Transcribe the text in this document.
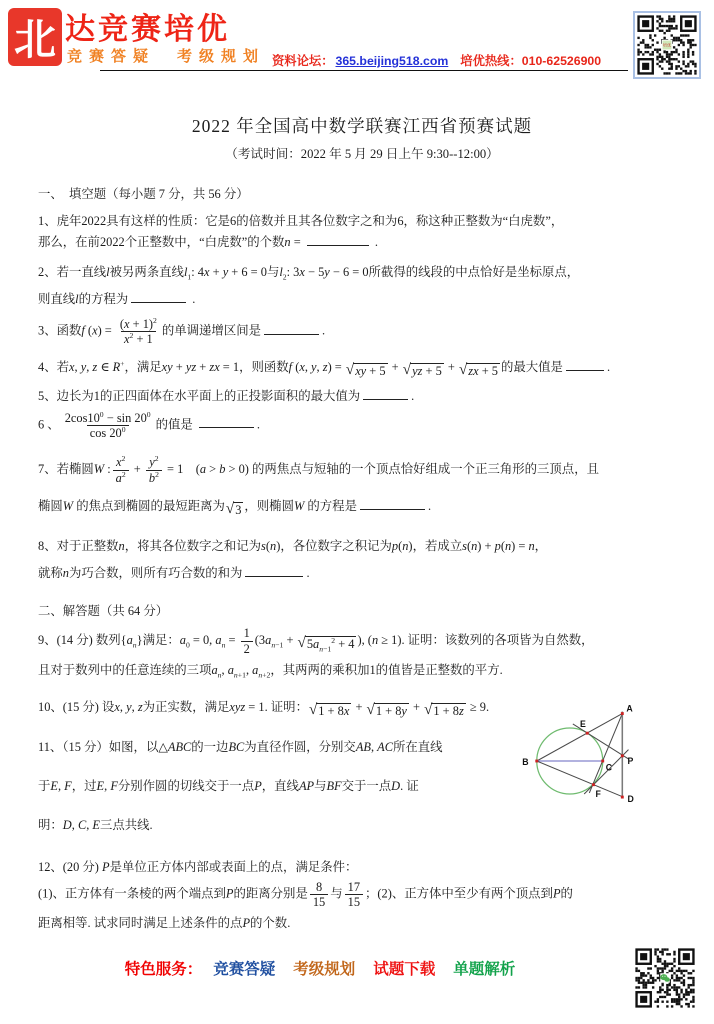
北 达竞赛培优
竞赛答疑　考级规划 资料论坛： 365.beijing518.com 培优热线：010-62526900
培优
2022 年全国高中数学联赛江西省预赛试题
（考试时间：2022 年 5 月 29 日上午 9:30--12:00）
一、　填空题（每小题 7 分，共 56 分）
1、虎年2022具有这样的性质：它是6的倍数并且其各位数字之和为6，称这种正整数为“白虎数”，
那么，在前2022个正整数中，“白虎数”的个数n =	.
2、若一直线l被另两条直线$l_1$: 4x + y + 6 = 0与$l_2$: 3x − 5y − 6 = 0所截得的线段的中点恰好是坐标原点，
则直线l的方程为	.
3、函数f $(x) = \frac{(x + 1)^2}{x^2 + 1}$ 的单调递增区间是	.
4、若x, y, z ∈ R+，满足xy + yz + zx = 1，则函数f (x, y, z) = √ xy + 5 + √ yz + 5 + √ zx + 5 的最大值是	.
5、边长为1的正四面体在水平面上的正投影面积的最大值为	.
6 、 $\frac{2\cos 10^0 - \sin 20^0}{\cos 20^0}$ 的值是	.
7、若椭圆W : $\frac{x^2}{a^2} + \frac{y^2}{b^2} = 1$　(a > b > 0) 的两焦点与短轴的一个顶点恰好组成一个正三角形的三顶点，且
椭圆W 的焦点到椭圆的最短距离为 √ 3 ，则椭圆W 的方程是	.
8、对于正整数n，将其各位数字之和记为s(n)，各位数字之积记为p(n)，若成立s(n) + p(n) = n，
就称n为巧合数，则所有巧合数的和为	.
二、解答题（共 64 分）
9、(14 分) 数列$\{a_n\}$满足：$a_0 = 0$, $a_n = \frac{1}{2} (3a_{n-1}$ + √ $5a_{n-1}^2 + 4$ ), (n ≥ 1). 证明：该数列的各项皆为自然数，
且对于数列中的任意连续的三项$a_n$, $a_{n+1}$, $a_{n+2}$，其两两的乘积加1的值皆是正整数的平方.
10、(15 分) 设x, y, z为正实数，满足xyz = 1. 证明： √ 1 + 8x + √ 1 + 8y + √ 1 + 8z ≥ 9.
11、（15 分）如图，以△ABC的一边BC为直径作圆，分别交AB, AC所在直线
于E, F，过E, F分别作圆的切线交于一点P，直线AP与BF交于一点D. 证
明：D, C, E三点共线.
12、(20 分) P是单位正方体内部或表面上的点，满足条件：
(1)、正方体有一条棱的两个端点到P的距离分别是 $\frac{8}{15}$ 与 $\frac{17}{15}$ ；(2)、正方体中至少有两个顶点到P的
距离相等. 试求同时满足上述条件的点P的个数.
A
B
C
D
E
F
P
特色服务： 竞赛答疑 考级规划 试题下载 单题解析
